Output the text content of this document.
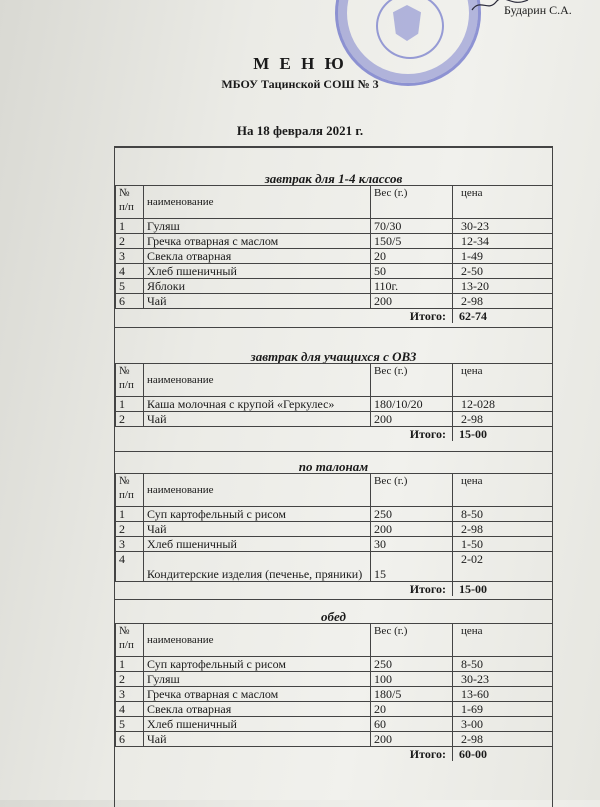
Бударин С.А.
М Е Н Ю
МБОУ Тацинской СОШ № 3
На 18 февраля 2021 г.
завтрак для 1-4 классов
№ п/п	наименование	Вес (г.)	цена
1	Гуляш	70/30	30-23
2	Гречка отварная с маслом	150/5	12-34
3	Свекла отварная	20	1-49
4	Хлеб пшеничный	50	2-50
5	Яблоки	110г.	13-20
6	Чай	200	2-98
Итого:			62-74
завтрак для учащихся с ОВЗ
№ п/п	наименование	Вес (г.)	цена
1	Каша молочная с крупой «Геркулес»	180/10/20	12-028
2	Чай	200	2-98
Итого:			15-00
по талонам
№ п/п	наименование	Вес (г.)	цена
1	Суп картофельный с рисом	250	8-50
2	Чай	200	2-98
3	Хлеб пшеничный	30	1-50
4	Кондитерские изделия (печенье, пряники)	15	2-02
Итого:			15-00
обед
№ п/п	наименование	Вес (г.)	цена
1	Суп картофельный с рисом	250	8-50
2	Гуляш	100	30-23
3	Гречка отварная с маслом	180/5	13-60
4	Свекла отварная	20	1-69
5	Хлеб пшеничный	60	3-00
6	Чай	200	2-98
Итого:			60-00
